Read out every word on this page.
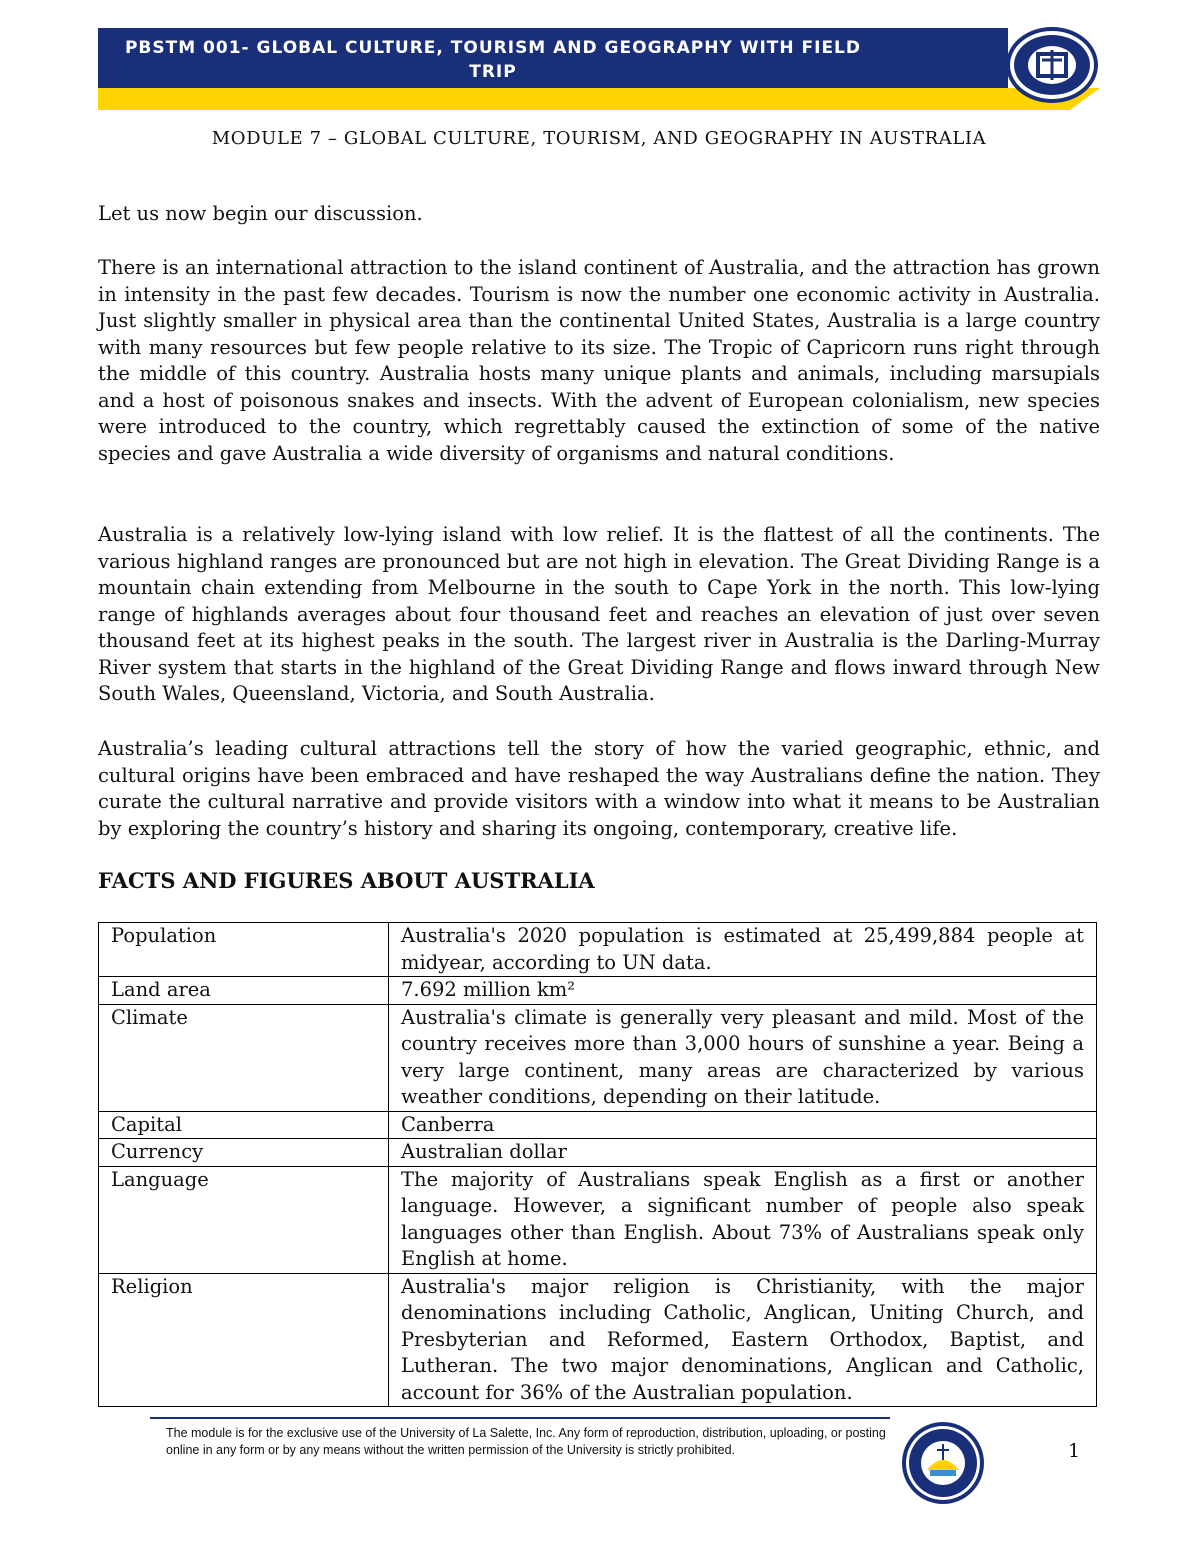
PBSTM 001- GLOBAL CULTURE, TOURISM AND GEOGRAPHY WITH FIELD TRIP
MODULE 7 – GLOBAL CULTURE, TOURISM, AND GEOGRAPHY IN AUSTRALIA
Let us now begin our discussion.
There is an international attraction to the island continent of Australia, and the attraction has grown in intensity in the past few decades. Tourism is now the number one economic activity in Australia. Just slightly smaller in physical area than the continental United States, Australia is a large country with many resources but few people relative to its size. The Tropic of Capricorn runs right through the middle of this country. Australia hosts many unique plants and animals, including marsupials and a host of poisonous snakes and insects. With the advent of European colonialism, new species were introduced to the country, which regrettably caused the extinction of some of the native species and gave Australia a wide diversity of organisms and natural conditions.
Australia is a relatively low-lying island with low relief. It is the flattest of all the continents. The various highland ranges are pronounced but are not high in elevation. The Great Dividing Range is a mountain chain extending from Melbourne in the south to Cape York in the north. This low-lying range of highlands averages about four thousand feet and reaches an elevation of just over seven thousand feet at its highest peaks in the south. The largest river in Australia is the Darling-Murray River system that starts in the highland of the Great Dividing Range and flows inward through New South Wales, Queensland, Victoria, and South Australia.
Australia’s leading cultural attractions tell the story of how the varied geographic, ethnic, and cultural origins have been embraced and have reshaped the way Australians define the nation. They curate the cultural narrative and provide visitors with a window into what it means to be Australian by exploring the country’s history and sharing its ongoing, contemporary, creative life.
FACTS AND FIGURES ABOUT AUSTRALIA
Population	Australia's 2020 population is estimated at 25,499,884 people at midyear, according to UN data.
Land area	7.692 million km²
Climate	Australia's climate is generally very pleasant and mild. Most of the country receives more than 3,000 hours of sunshine a year. Being a very large continent, many areas are characterized by various weather conditions, depending on their latitude.
Capital	Canberra
Currency	Australian dollar
Language	The majority of Australians speak English as a first or another language. However, a significant number of people also speak languages other than English. About 73% of Australians speak only English at home.
Religion	Australia's major religion is Christianity, with the major denominations including Catholic, Anglican, Uniting Church, and Presbyterian and Reformed, Eastern Orthodox, Baptist, and Lutheran. The two major denominations, Anglican and Catholic, account for 36% of the Australian population.
The module is for the exclusive use of the University of La Salette, Inc. Any form of reproduction, distribution, uploading, or posting online in any form or by any means without the written permission of the University is strictly prohibited.	1
